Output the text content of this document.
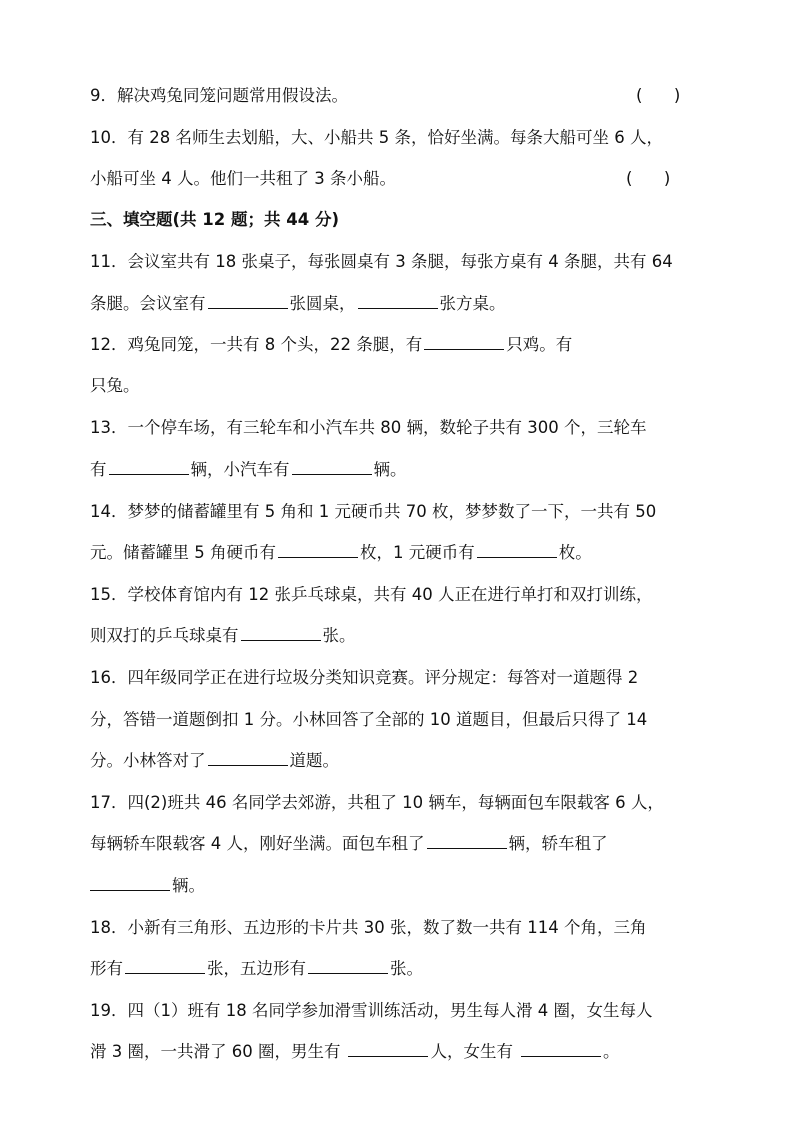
9．解决鸡兔同笼问题常用假设法。	(      )
10．有 28 名师生去划船，大、小船共 5 条，恰好坐满。每条大船可坐 6 人，
小船可坐 4 人。他们一共租了 3 条小船。	(      )
三、填空题(共 12 题；共 44 分)
11．会议室共有 18 张桌子，每张圆桌有 3 条腿，每张方桌有 4 条腿，共有 64
条腿。会议室有	张圆桌，	张方桌。
12．鸡兔同笼，一共有 8 个头，22 条腿，有	只鸡。有
只兔。
13．一个停车场，有三轮车和小汽车共 80 辆，数轮子共有 300 个，三轮车
有	辆，小汽车有	辆。
14．梦梦的储蓄罐里有 5 角和 1 元硬币共 70 枚，梦梦数了一下，一共有 50
元。储蓄罐里 5 角硬币有	枚，1 元硬币有	枚。
15．学校体育馆内有 12 张乒乓球桌，共有 40 人正在进行单打和双打训练，
则双打的乒乓球桌有	张。
16．四年级同学正在进行垃圾分类知识竞赛。评分规定：每答对一道题得 2
分，答错一道题倒扣 1 分。小林回答了全部的 10 道题目，但最后只得了 14
分。小林答对了	道题。
17．四(2)班共 46 名同学去郊游，共租了 10 辆车，每辆面包车限载客 6 人，
每辆轿车限载客 4 人，刚好坐满。面包车租了	辆，轿车租了
辆。
18．小新有三角形、五边形的卡片共 30 张，数了数一共有 114 个角，三角
形有	张，五边形有	张。
19．四（1）班有 18 名同学参加滑雪训练活动，男生每人滑 4 圈，女生每人
滑 3 圈，一共滑了 60 圈，男生有	人，女生有	。
